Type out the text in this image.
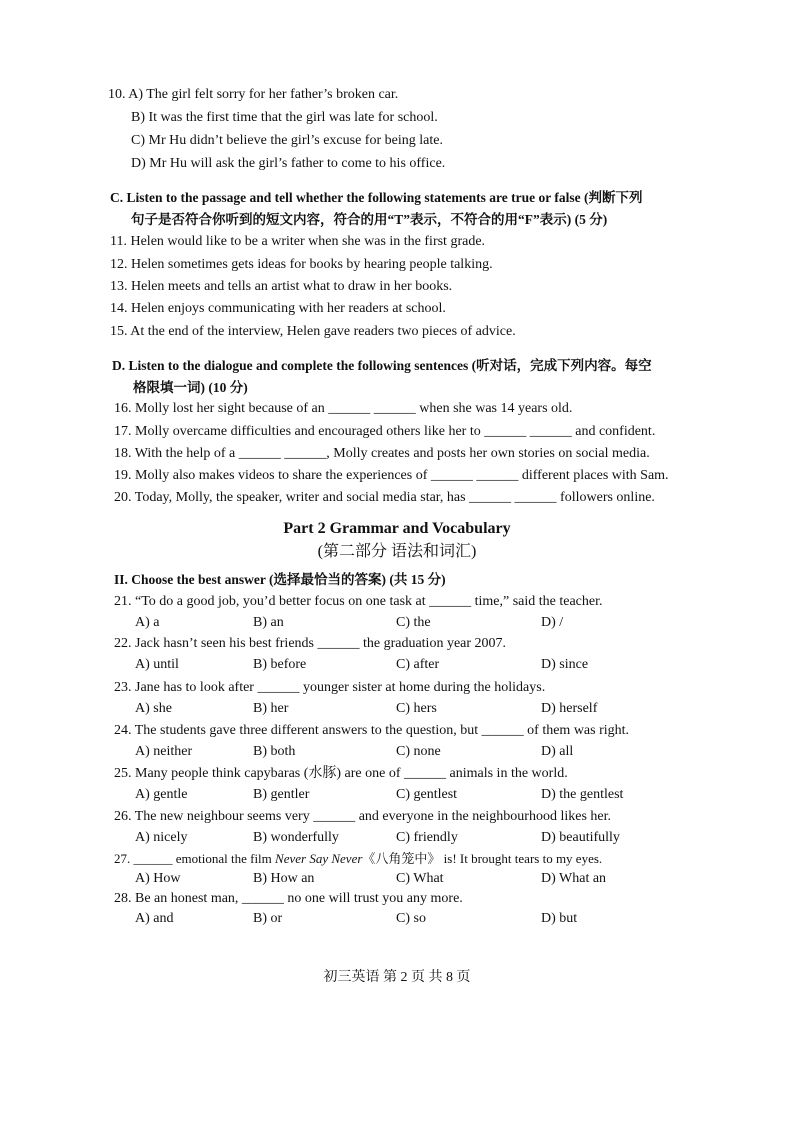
10. A) The girl felt sorry for her father’s broken car.
B) It was the first time that the girl was late for school.
C) Mr Hu didn’t believe the girl’s excuse for being late.
D) Mr Hu will ask the girl’s father to come to his office.
C. Listen to the passage and tell whether the following statements are true or false (判断下列
句子是否符合你听到的短文内容，符合的用“T”表示，不符合的用“F”表示) (5 分)
11. Helen would like to be a writer when she was in the first grade.
12. Helen sometimes gets ideas for books by hearing people talking.
13. Helen meets and tells an artist what to draw in her books.
14. Helen enjoys communicating with her readers at school.
15. At the end of the interview, Helen gave readers two pieces of advice.
D. Listen to the dialogue and complete the following sentences (听对话，完成下列内容。每空
格限填一词) (10 分)
16. Molly lost her sight because of an ______ ______ when she was 14 years old.
17. Molly overcame difficulties and encouraged others like her to ______ ______ and confident.
18. With the help of a ______ ______, Molly creates and posts her own stories on social media.
19. Molly also makes videos to share the experiences of ______ ______ different places with Sam.
20. Today, Molly, the speaker, writer and social media star, has ______ ______ followers online.
Part 2 Grammar and Vocabulary
(第二部分 语法和词汇)
II. Choose the best answer (选择最恰当的答案) (共 15 分)
21. “To do a good job, you’d better focus on one task at ______ time,” said the teacher.
A) a	B) an	C) the	D) /
22. Jack hasn’t seen his best friends ______ the graduation year 2007.
A) until	B) before	C) after	D) since
23. Jane has to look after ______ younger sister at home during the holidays.
A) she	B) her	C) hers	D) herself
24. The students gave three different answers to the question, but ______ of them was right.
A) neither	B) both	C) none	D) all
25. Many people think capybaras (水豚) are one of ______ animals in the world.
A) gentle	B) gentler	C) gentlest	D) the gentlest
26. The new neighbour seems very ______ and everyone in the neighbourhood likes her.
A) nicely	B) wonderfully	C) friendly	D) beautifully
27. ______ emotional the film Never Say Never《八角笼中》 is! It brought tears to my eyes.
A) How	B) How an	C) What	D) What an
28. Be an honest man, ______ no one will trust you any more.
A) and	B) or	C) so	D) but
初三英语 第 2 页 共 8 页
